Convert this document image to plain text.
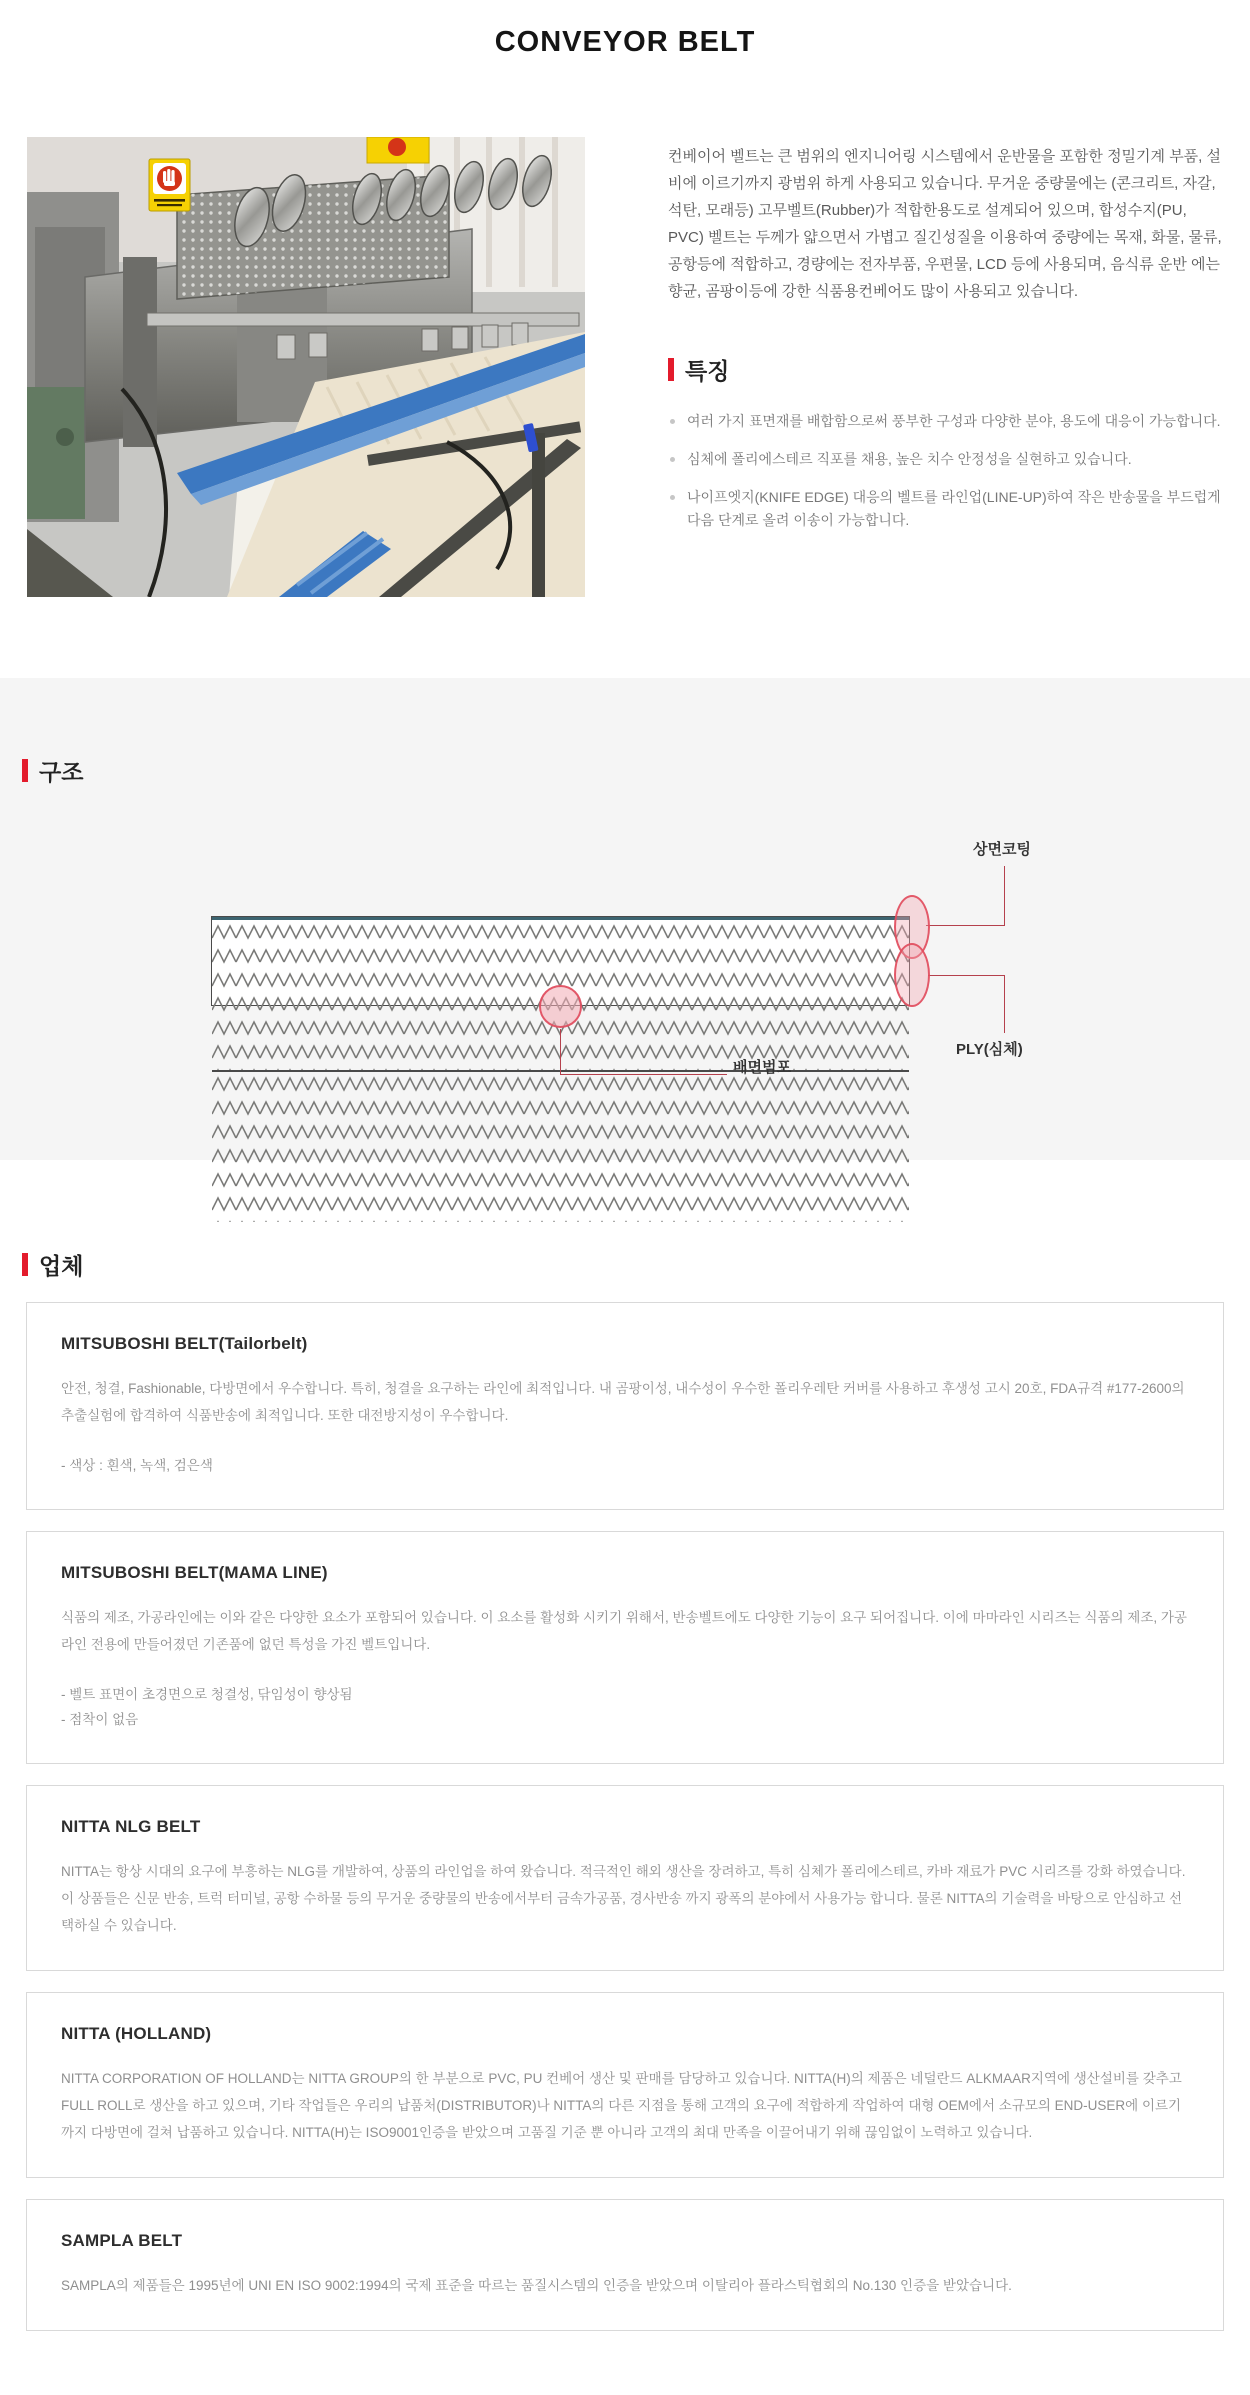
CONVEYOR BELT

컨베이어 벨트는 큰 범위의 엔지니어링 시스템에서 운반물을 포함한 정밀기계 부품, 설비에 이르기까지 광범위 하게 사용되고 있습니다. 무거운 중량물에는 (콘크리트, 자갈, 석탄, 모래등) 고무벨트(Rubber)가 적합한용도로 설계되어 있으며, 합성수지(PU, PVC) 벨트는 두께가 얇으면서 가볍고 질긴성질을 이용하여 중량에는 목재, 화물, 물류, 공항등에 적합하고, 경량에는 전자부품, 우편물, LCD 등에 사용되며, 음식류 운반 에는 향균, 곰팡이등에 강한 식품용컨베어도 많이 사용되고 있습니다.

특징
여러 가지 표면재를 배합함으로써 풍부한 구성과 다양한 분야, 용도에 대응이 가능합니다.
심체에 폴리에스테르 직포를 채용, 높은 치수 안정성을 실현하고 있습니다.
나이프엣지(KNIFE EDGE) 대응의 벨트를 라인업(LINE-UP)하여 작은 반송물을 부드럽게 다음 단계로 올려 이송이 가능합니다.
구조
상면코팅
PLY(심체)
배면범포
업체
MITSUBOSHI BELT(Tailorbelt)
안전, 청결, Fashionable, 다방면에서 우수합니다. 특히, 청결을 요구하는 라인에 최적입니다. 내 곰팡이성, 내수성이 우수한 폴리우레탄 커버를 사용하고 후생성 고시 20호, FDA규격 #177-2600의 추출실험에 합격하여 식품반송에 최적입니다. 또한 대전방지성이 우수합니다.
- 색상 : 흰색, 녹색, 검은색
MITSUBOSHI BELT(MAMA LINE)
식품의 제조, 가공라인에는 이와 같은 다양한 요소가 포함되어 있습니다. 이 요소를 활성화 시키기 위해서, 반송벨트에도 다양한 기능이 요구 되어집니다. 이에 마마라인 시리즈는 식품의 제조, 가공라인 전용에 만들어졌던 기존품에 없던 특성을 가진 벨트입니다.
- 벨트 표면이 초경면으로 청결성, 닦임성이 향상됨
- 점착이 없음
NITTA NLG BELT
NITTA는 항상 시대의 요구에 부흥하는 NLG를 개발하여, 상품의 라인업을 하여 왔습니다. 적극적인 해외 생산을 장려하고, 특히 심체가 폴리에스테르, 카바 재료가 PVC 시리즈를 강화 하였습니다. 이 상품들은 신문 반송, 트럭 터미널, 공항 수하물 등의 무거운 중량물의 반송에서부터 금속가공품, 경사반송 까지 광폭의 분야에서 사용가능 합니다. 물론 NITTA의 기술력을 바탕으로 안심하고 선택하실 수 있습니다.
NITTA (HOLLAND)
NITTA CORPORATION OF HOLLAND는 NITTA GROUP의 한 부분으로 PVC, PU 컨베어 생산 및 판매를 담당하고 있습니다. NITTA(H)의 제품은 네덜란드 ALKMAAR지역에 생산설비를 갖추고 FULL ROLL로 생산을 하고 있으며, 기타 작업들은 우리의 납품처(DISTRIBUTOR)나 NITTA의 다른 지점을 통해 고객의 요구에 적합하게 작업하여 대형 OEM에서 소규모의 END-USER에 이르기 까지 다방면에 걸쳐 납품하고 있습니다. NITTA(H)는 ISO9001인증을 받았으며 고품질 기준 뿐 아니라 고객의 최대 만족을 이끌어내기 위해 끊임없이 노력하고 있습니다.
SAMPLA BELT
SAMPLA의 제품들은 1995년에 UNI EN ISO 9002:1994의 국제 표준을 따르는 품질시스템의 인증을 받았으며 이탈리아 플라스틱협회의 No.130 인증을 받았습니다.
